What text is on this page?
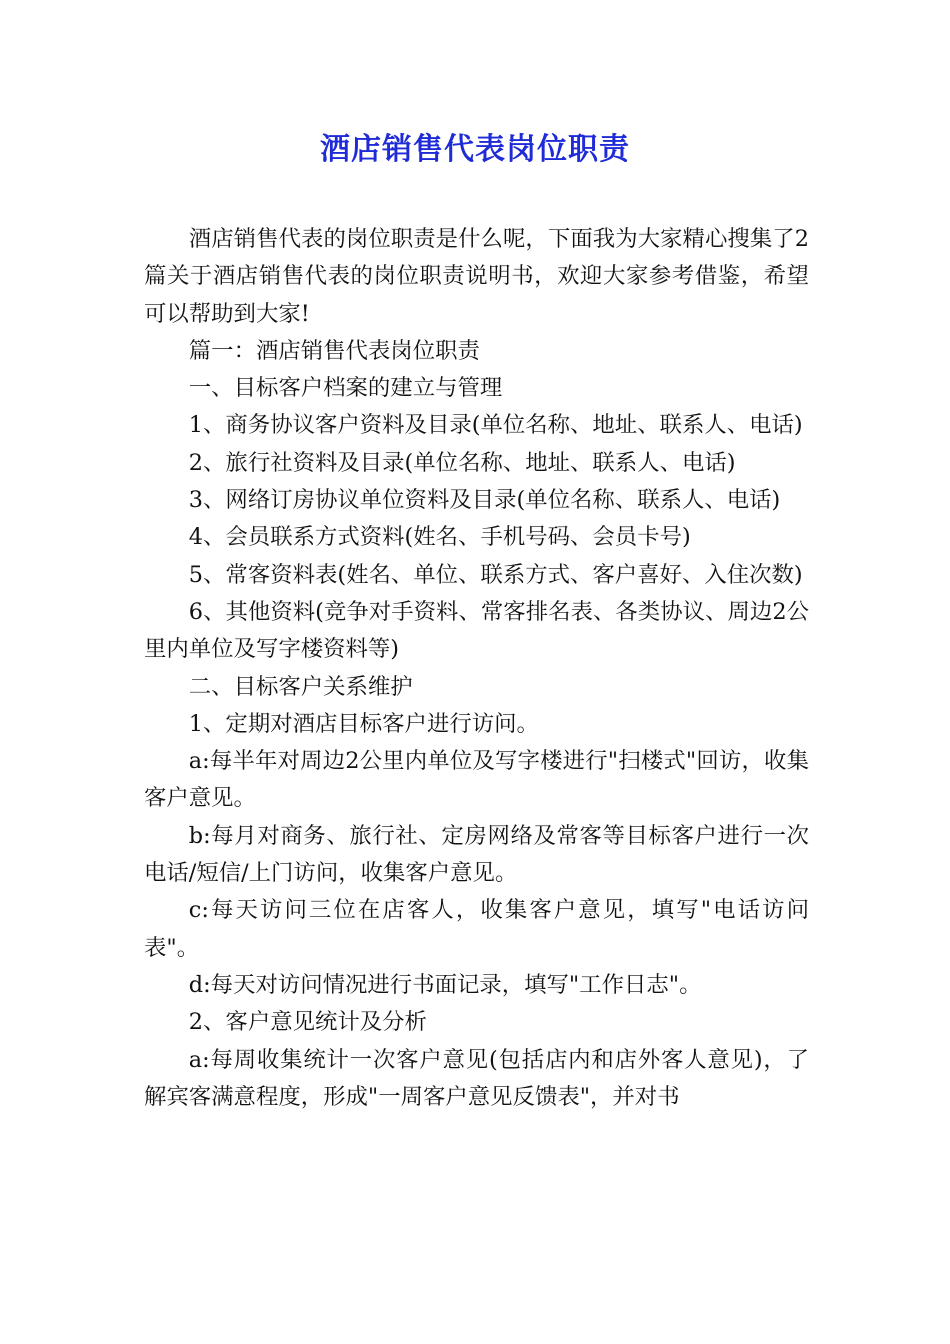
酒店销售代表岗位职责

酒店销售代表的岗位职责是什么呢，下面我为大家精心搜集了2篇关于酒店销售代表的岗位职责说明书，欢迎大家参考借鉴，希望可以帮助到大家!

篇一：酒店销售代表岗位职责

一、目标客户档案的建立与管理

1、商务协议客户资料及目录(单位名称、地址、联系人、电话)

2、旅行社资料及目录(单位名称、地址、联系人、电话)

3、网络订房协议单位资料及目录(单位名称、联系人、电话)

4、会员联系方式资料(姓名、手机号码、会员卡号)

5、常客资料表(姓名、单位、联系方式、客户喜好、入住次数)

6、其他资料(竞争对手资料、常客排名表、各类协议、周边2公里内单位及写字楼资料等)

二、目标客户关系维护

1、定期对酒店目标客户进行访问。

a:每半年对周边2公里内单位及写字楼进行"扫楼式"回访，收集客户意见。

b:每月对商务、旅行社、定房网络及常客等目标客户进行一次电话/短信/上门访问，收集客户意见。

c:每天访问三位在店客人，收集客户意见，填写"电话访问表"。

d:每天对访问情况进行书面记录，填写"工作日志"。

2、客户意见统计及分析

a:每周收集统计一次客户意见(包括店内和店外客人意见)，了解宾客满意程度，形成"一周客户意见反馈表"，并对书
